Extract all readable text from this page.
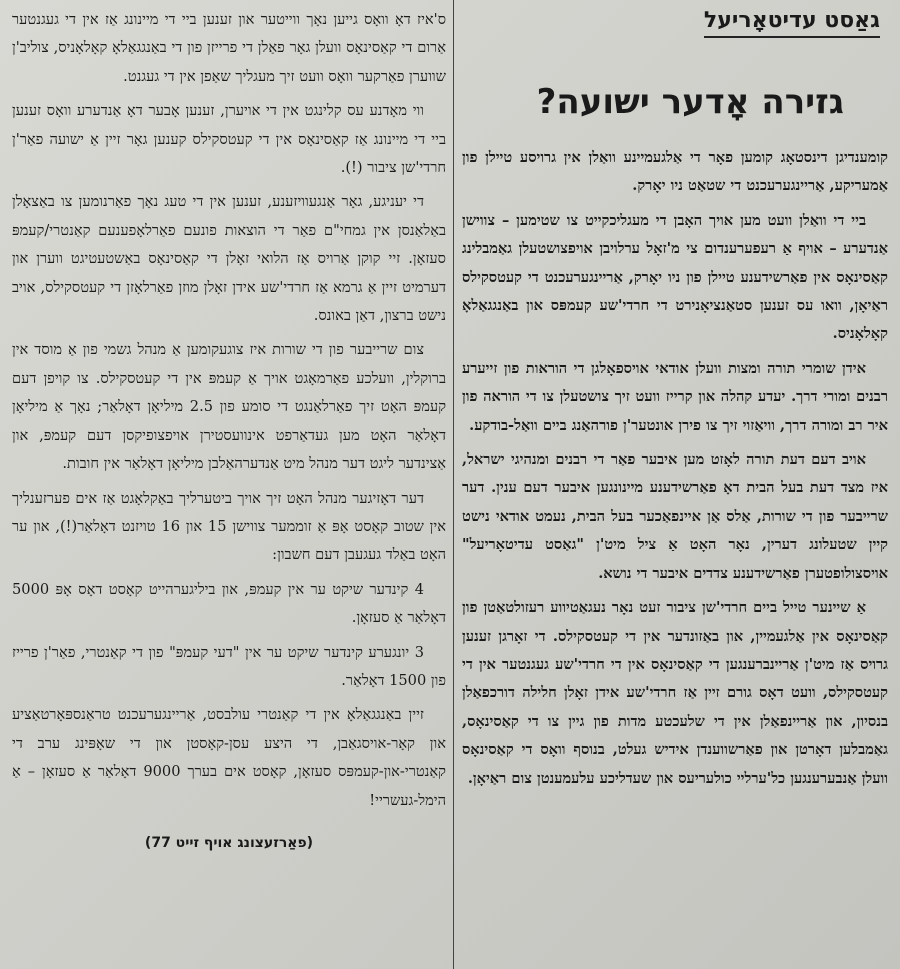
גאַסט עדיטאָריעל
גזירה אָדער ישועה?

קומענדיגן דינסטאָג קומען פאָר די אַלגעמיינע וואַלן אין גרויסע טיילן פון אַמעריקע, אַריינגערעכנט די שטאַט ניו יאָרק.

ביי די וואַלן וועט מען אויך האָבן די מעגליכקייט צו שטימען – צווישן אַנדערע – אויף אַ רעפערענדום צי מ'זאָל ערלויבן אויפצושטעלן גאַמבלינג קאַסינאָס אין פאַרשידענע טיילן פון ניו יאָרק, אַריינגערעכנט די קעטסקילס ראַיאָן, וואו עס זענען סטאַנציאָנירט די חרדי'שע קעמפּס און באַנגגאַלאָ קאָלאָניס.

אידן שומרי תורה ומצות וועלן אודאי אויספאָלגן די הוראות פון זייערע רבנים ומורי דרך. יעדע קהלה און קרייז וועט זיך צושטעלן צו די הוראה פון איר רב ומורה דרך, וויאַזוי זיך צו פירן אונטער'ן פורהאַנג ביים וואַל-בודקע.

אויב דעם דעת תורה לאָזט מען איבער פאַר די רבנים ומנהיגי ישראל, איז מצד דעת בעל הבית דאָ פאַרשידענע מיינונגען איבער דעם ענין. דער שרייבער פון די שורות, אַלס אַן איינפאַכער בעל הבית, נעמט אודאי נישט קיין שטעלונג דערין, נאָר האָט אַ ציל מיט'ן "גאַסט עדיטאָריעל" אויסצולופטערן פאַרשידענע צדדים איבער די נושא.

אַ שיינער טייל ביים חרדי'שן ציבור זעט נאָר נעגאַטיווע רעזולטאַטן פון קאַסינאָס אין אַלגעמיין, און באַזונדער אין די קעטסקילס. די זאָרגן זענען גרויס אַז מיט'ן אַריינברענגען די קאַסינאָס אין די חרדי'שע געגנטער אין די קעטסקילס, וועט דאָס גורם זיין אַז חרדי'שע אידן זאָלן חלילה דורכפאַלן בנסיון, און אַריינפאַלן אין די שלעכטע מדות פון גיין צו די קאַסינאָס, גאַמבלען דאָרטן און פאַרשווענדן אידיש געלט, בנוסף וואָס די קאַסינאָס וועלן אַנבערענגען כל'ערליי כולעריעס און שעדליכע עלעמענטן צום ראַיאָן.

ס'איז דאָ וואָס גייען נאָך ווייטער און זענען ביי די מיינונג אַז אין די געגנטער אַרום די קאַסינאָס וועלן גאָר פאַלן די פרייזן פון די באַנגגאַלאָ קאָלאָניס, צוליב'ן שווערן פאַרקער וואָס וועט זיך מעגליך שאַפן אין די געגנט.

ווי מאָדנע עס קלינגט אין די אויערן, זענען אָבער דאָ אַנדערע וואָס זענען ביי די מיינונג אַז קאַסינאָס אין די קעטסקילס קענען גאָר זיין אַ ישועה פאַר'ן חרדי'שן ציבור (!).

די יעניגע, גאָר אַנגעוויזענע, זענען אין די טעג נאָך פאַרנומען צו באַצאָלן באַלאַנסן אין גמחי"ם פאַר די הוצאות פונעם פאַרלאָפענעם קאַנטרי/קעמפּ סעזאָן. זיי קוקן אַרויס אַז הלואי זאָלן די קאַסינאָס באַשטעטיגט ווערן און דערמיט זיין אַ גרמא אַז חרדי'שע אידן זאָלן מוזן פאַרלאָזן די קעטסקילס, אויב נישט ברצון, דאַן באונס.

צום שרייבער פון די שורות איז צוגעקומען אַ מנהל גשמי פון אַ מוסד אין ברוקלין, וועלכע פאַרמאָגט אויך אַ קעמפּ אין די קעטסקילס. צו קויפן דעם קעמפּ האָט זיך פאַרלאַנגט די סומע פון 2.5 מיליאָן דאָלאַר; נאָך אַ מיליאָן דאָלאַר האָט מען געדאַרפט אינוועסטירן אויפצופיקסן דעם קעמפּ, און אַצינדער ליגט דער מנהל מיט אַנדערהאַלבן מיליאָן דאָלאַר אין חובות.

דער דאָזיגער מנהל האָט זיך אויך ביטערליך באַקלאָגט אַז אים פערזענליך אין שטוב קאָסט אָפּ אַ זוממער צווישן 15 און 16 טויזנט דאָלאַר(!), און ער האָט באַלד געגעבן דעם חשבון:

4 קינדער שיקט ער אין קעמפּ, און ביליגערהייט קאָסט דאָס אָפּ 5000 דאָלאַר אַ סעזאָן.

3 יונגערע קינדער שיקט ער אין "דעי קעמפּ" פון די קאַנטרי, פאַר'ן פרייז פון 1500 דאָלאַר.

זיין באַנגגאַלאָ אין די קאַנטרי עולבסט, אַריינגערעכנט טראַנספּאָרטאַציע און קאָר-אויסגאַבן, די היצע עסן-קאָסטן און די שאָפּינג ערב די קאַנטרי-און-קעמפּס סעזאָן, קאָסט אים בערך 9000 דאָלאַר אַ סעזאָן – אַ הימל-געשריי!

(פאַרזעצונג אויף זייט 77)
